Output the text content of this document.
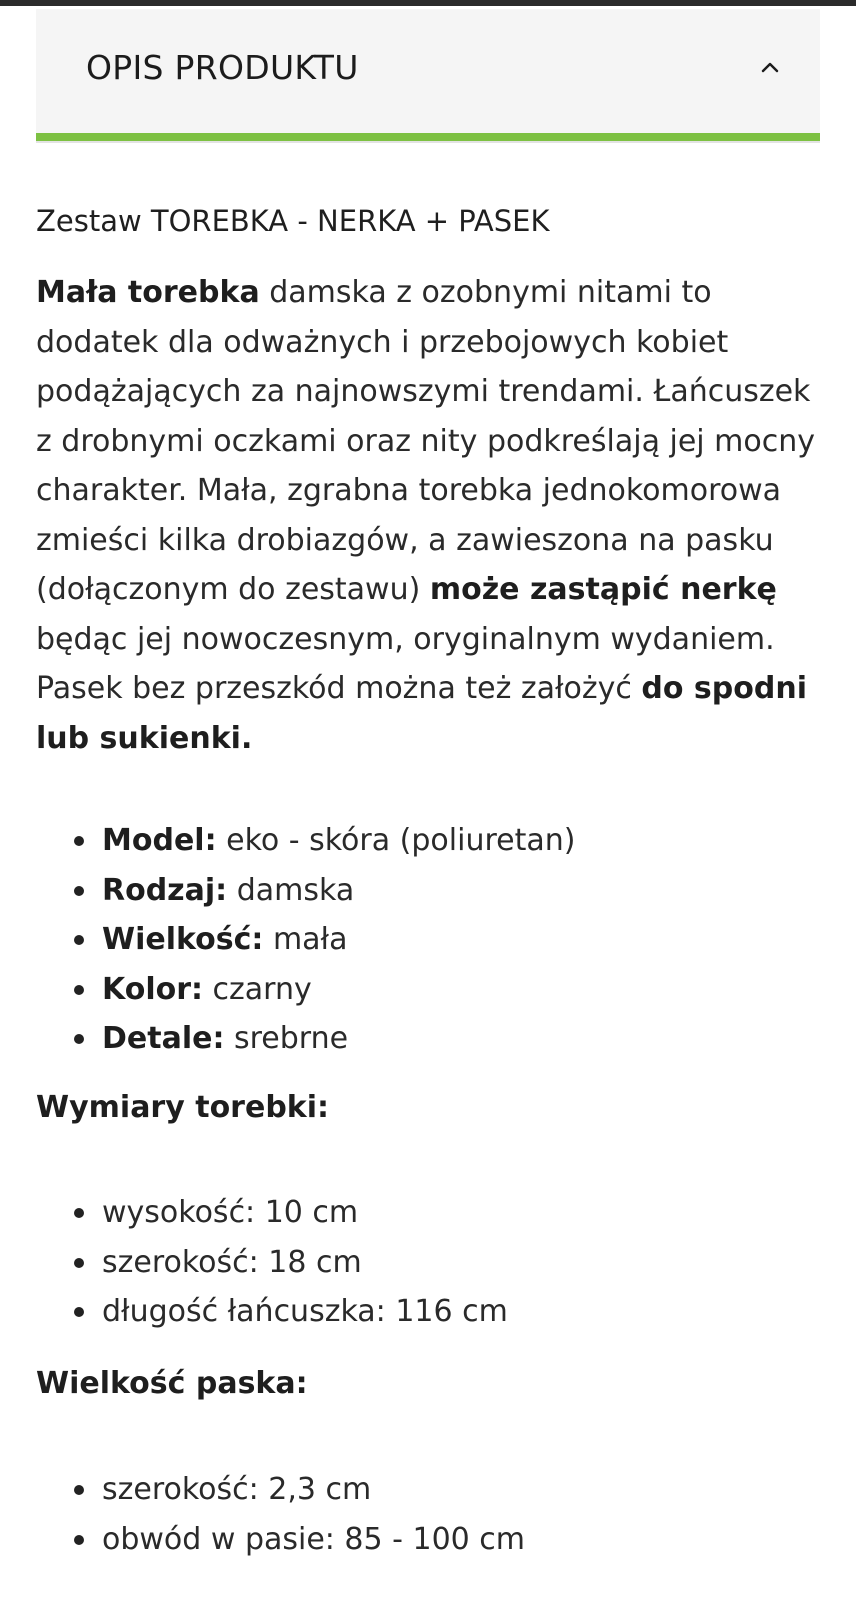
OPIS PRODUKTU
Zestaw TOREBKA - NERKA + PASEK

Mała torebka damska z ozobnymi nitami to dodatek dla odważnych i przebojowych kobiet podążających za najnowszymi trendami. Łańcuszek z drobnymi oczkami oraz nity podkreślają jej mocny charakter. Mała, zgrabna torebka jednokomorowa zmieści kilka drobiazgów, a zawieszona na pasku (dołączonym do zestawu) może zastąpić nerkę będąc jej nowoczesnym, oryginalnym wydaniem. Pasek bez przeszkód można też założyć do spodni lub sukienki.

Model: eko - skóra (poliuretan)
Rodzaj: damska
Wielkość: mała
Kolor: czarny
Detale: srebrne
Wymiary torebki:
wysokość: 10 cm
szerokość: 18 cm
długość łańcuszka: 116 cm
Wielkość paska:
szerokość: 2,3 cm
obwód w pasie: 85 - 100 cm
